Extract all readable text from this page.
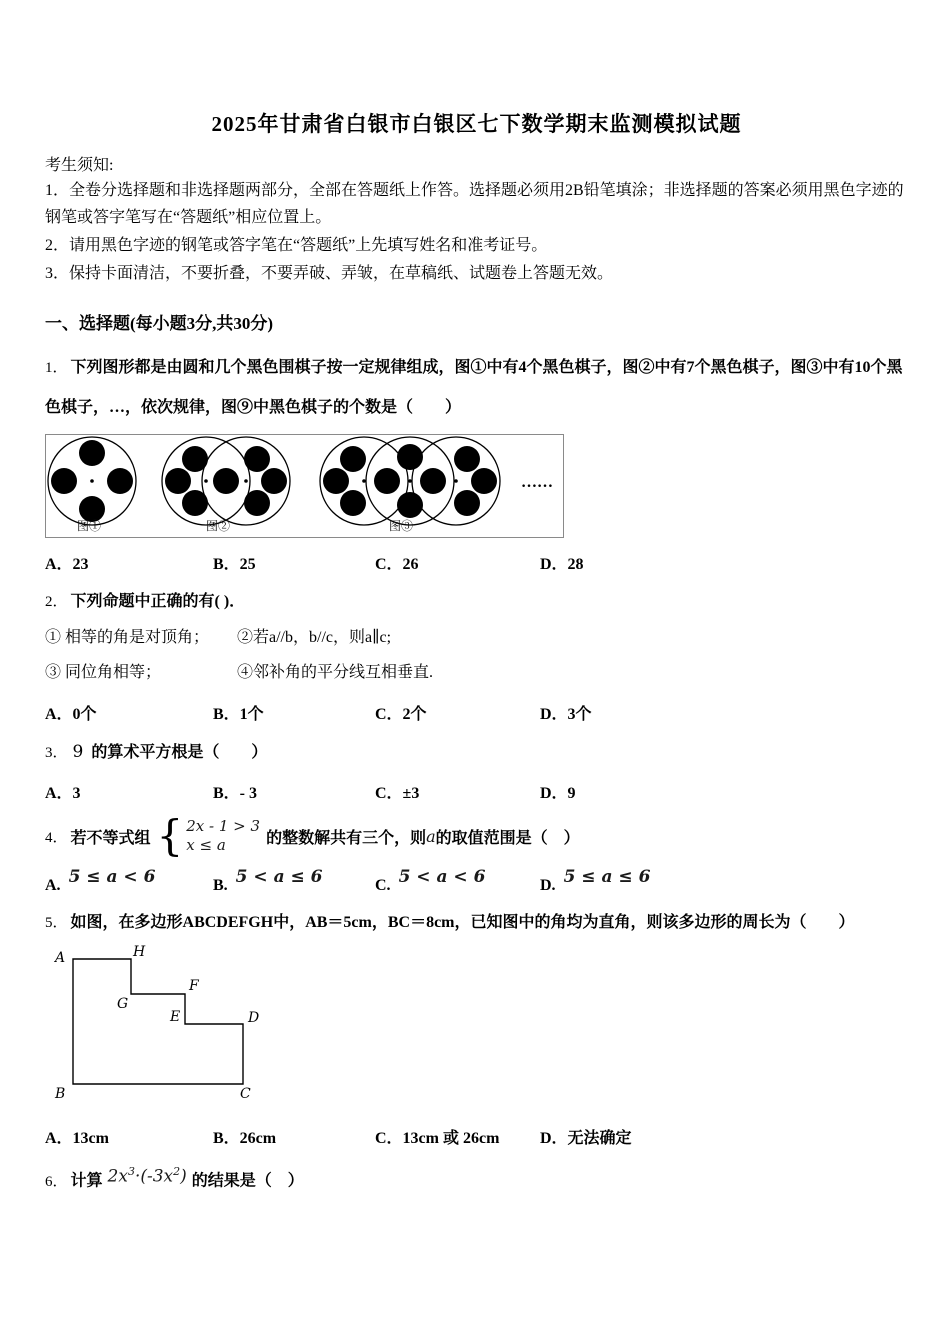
2025年甘肃省白银市白银区七下数学期末监测模拟试题
考生须知:

1．全卷分选择题和非选择题两部分，全部在答题纸上作答。选择题必须用2B铅笔填涂；非选择题的答案必须用黑色字迹的钢笔或答字笔写在“答题纸”相应位置上。

2．请用黑色字迹的钢笔或答字笔在“答题纸”上先填写姓名和准考证号。

3．保持卡面清洁，不要折叠，不要弄破、弄皱，在草稿纸、试题卷上答题无效。

一、选择题(每小题3分,共30分)

1． 下列图形都是由圆和几个黑色围棋子按一定规律组成，图①中有4个黑色棋子，图②中有7个黑色棋子，图③中有10个黑色棋子，…，依次规律，图⑨中黑色棋子的个数是（　　）

……
图①	图②	图③
A．23	B．25	C．26	D．28

2． 下列命题中正确的有( )．

① 相等的角是对顶角；	②若a//b，b//c，则a∥c;
③ 同位角相等；	④邻补角的平分线互相垂直.
A．0个	B．1个	C．2个	D．3个

3． 9 的算术平方根是（　　）

A．3	B．- 3	C．±3	D．9
4． 若不等式组 { 2x - 1 > 3
x ≤ a	的整数解共有三个，则 a 的取值范围是（　）
A. 5 ≤ a < 6	B. 5 < a ≤ 6	C. 5 < a < 6	D. 5 ≤ a ≤ 6

5． 如图，在多边形ABCDEFGH中，AB＝5cm，BC＝8cm，已知图中的角均为直角，则该多边形的周长为（　　）

A	H
G
F
E	D
B	C
A．13cm	B．26cm	C．13cm 或 26cm	D．无法确定

6． 计算 $2x^3\cdot(-3x^2)$ 的结果是（　）
